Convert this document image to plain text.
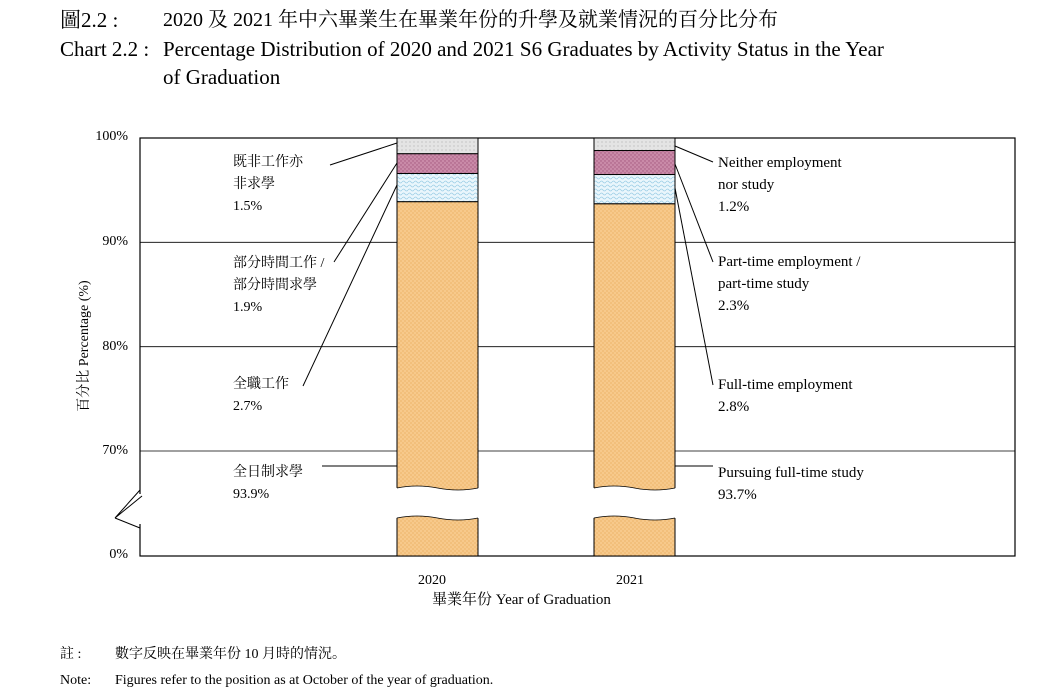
圖2.2 : 2020 及 2021 年中六畢業生在畢業年份的升學及就業情況的百分比分布
Chart 2.2 : Percentage Distribution of 2020 and 2021 S6 Graduates by Activity Status in the Year
of Graduation
100%
90%
80%
70%
0%
百分比 Percentage (%)
2020	2021
畢業年份 Year of Graduation
既非工作亦
非求學
1.5%
部分時間工作 /
部分時間求學
1.9%
全職工作
2.7%
全日制求學
93.9%
Neither employment
nor study
1.2%
Part-time employment /
part-time study
2.3%
Full-time employment
2.8%
Pursuing full-time study
93.7%
註 : 數字反映在畢業年份 10 月時的情況。
Note: Figures refer to the position as at October of the year of graduation.
